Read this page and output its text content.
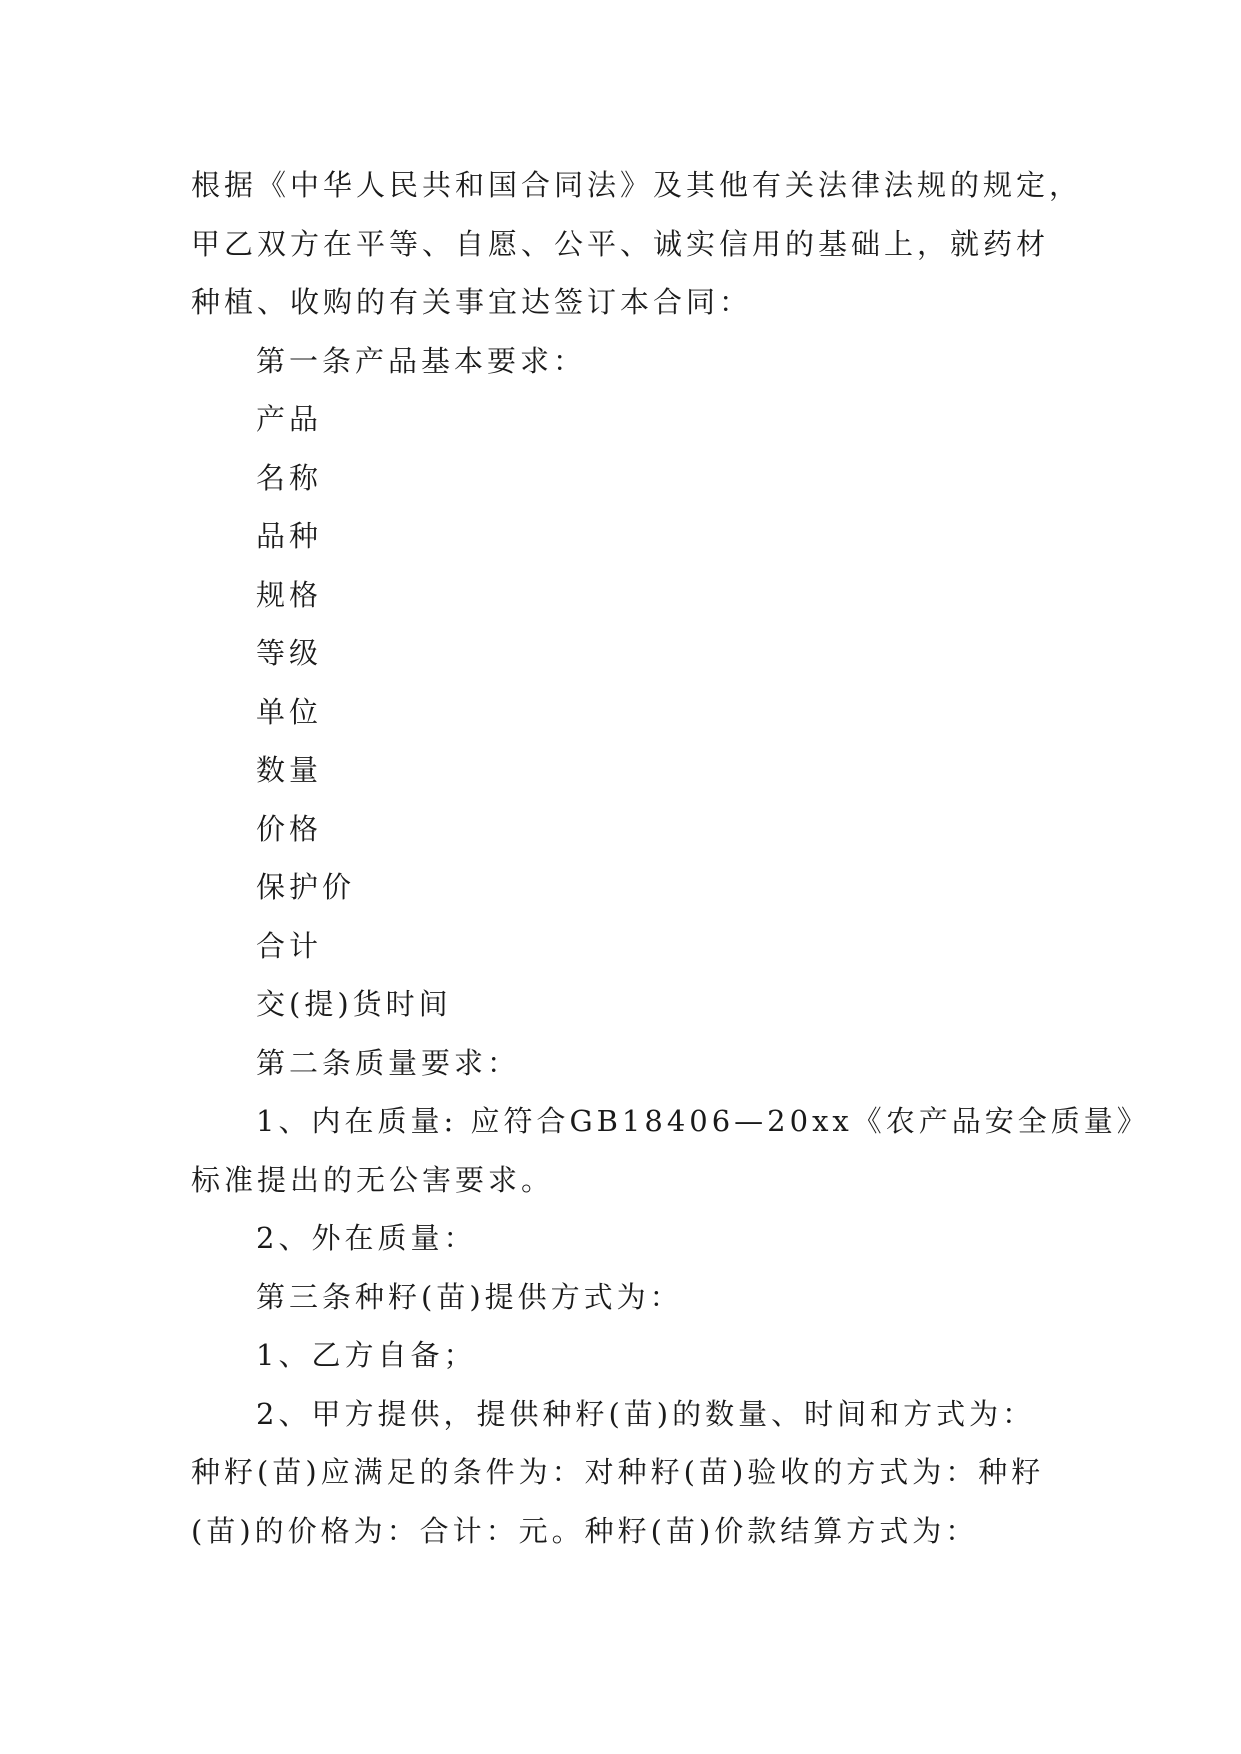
根据《中华人民共和国合同法》及其他有关法律法规的规定，
甲乙双方在平等、自愿、公平、诚实信用的基础上，就药材
种植、收购的有关事宜达签订本合同：
第一条产品基本要求：
产品
名称
品种
规格
等级
单位
数量
价格
保护价
合计
交(提)货时间
第二条质量要求：
1、内在质量: 应符合GB18406—20xx《农产品安全质量》
标准提出的无公害要求。
2、外在质量：
第三条种籽(苗)提供方式为：
1、乙方自备；
2、甲方提供，提供种籽(苗)的数量、时间和方式为：
种籽(苗)应满足的条件为：对种籽(苗)验收的方式为：种籽
(苗)的价格为：合计：元。种籽(苗)价款结算方式为：
